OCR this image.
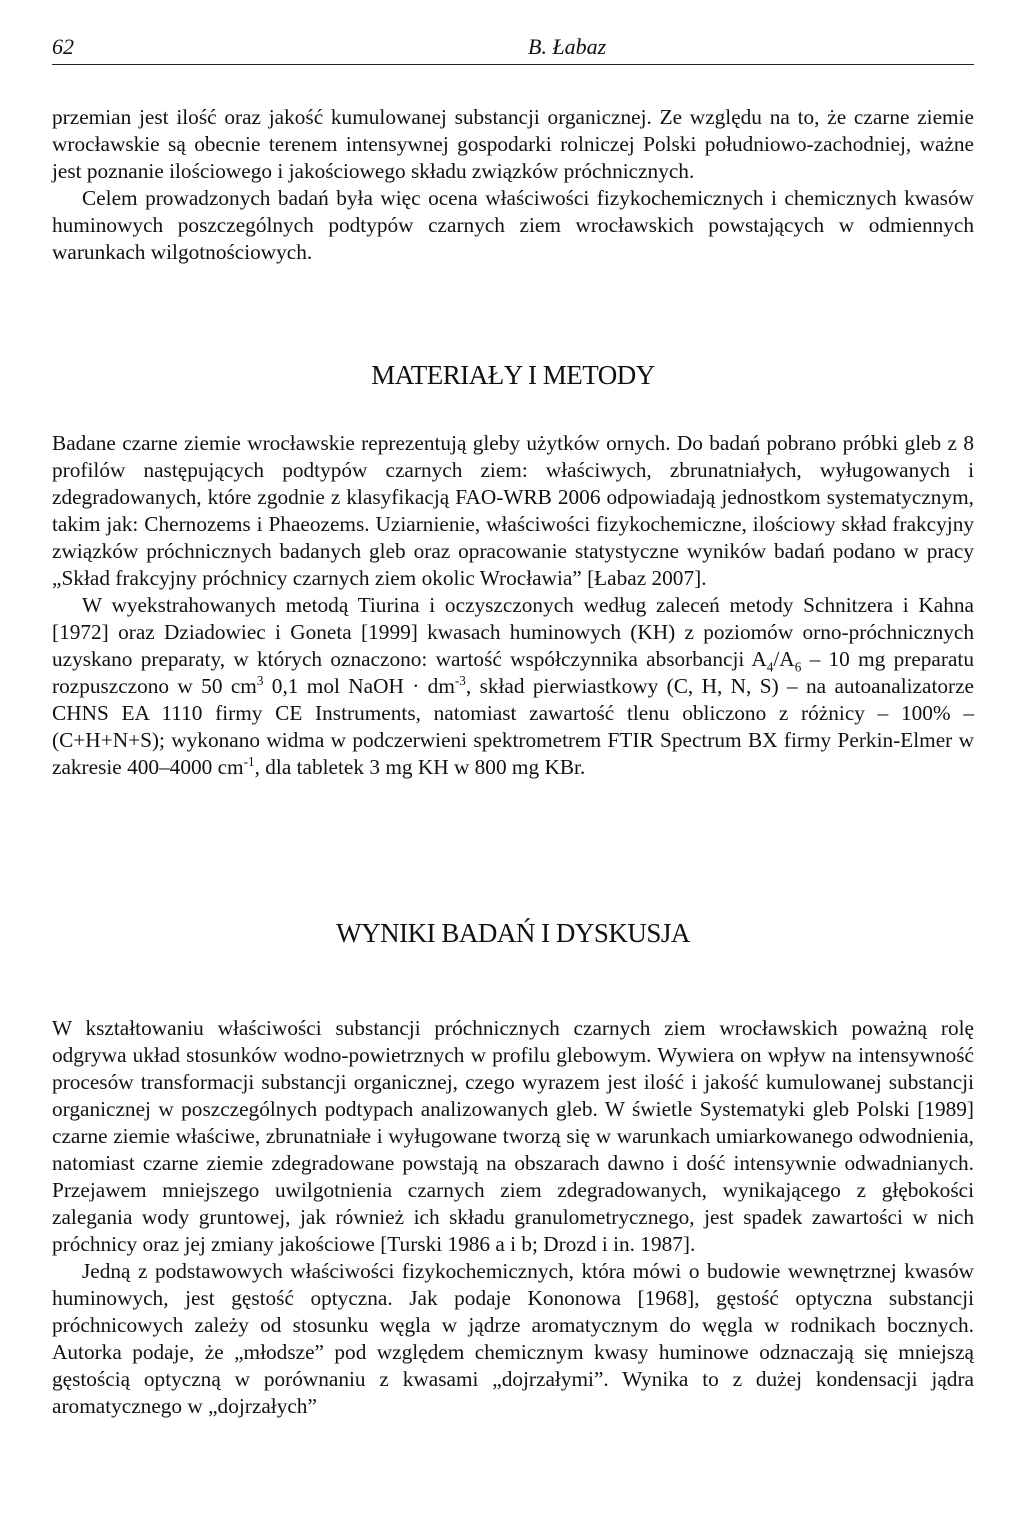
62	B. Łabaz

przemian jest ilość oraz jakość kumulowanej substancji organicznej. Ze względu na to, że czarne ziemie wrocławskie są obecnie terenem intensywnej gospodarki rolniczej Polski południowo-zachodniej, ważne jest poznanie ilościowego i jakościowego składu związków próchnicznych.

Celem prowadzonych badań była więc ocena właściwości fizykochemicznych i chemicznych kwasów huminowych poszczególnych podtypów czarnych ziem wrocławskich powstających w odmiennych warunkach wilgotnościowych.

MATERIAŁY I METODY

Badane czarne ziemie wrocławskie reprezentują gleby użytków ornych. Do badań pobrano próbki gleb z 8 profilów następujących podtypów czarnych ziem: właściwych, zbrunatniałych, wyługowanych i zdegradowanych, które zgodnie z klasyfikacją FAO-WRB 2006 odpowiadają jednostkom systematycznym, takim jak: Chernozems i Phaeozems. Uziarnienie, właściwości fizykochemiczne, ilościowy skład frakcyjny związków próchnicznych badanych gleb oraz opracowanie statystyczne wyników badań podano w pracy „Skład frakcyjny próchnicy czarnych ziem okolic Wrocławia” [Łabaz 2007].

W wyekstrahowanych metodą Tiurina i oczyszczonych według zaleceń metody Schnitzera i Kahna [1972] oraz Dziadowiec i Goneta [1999] kwasach huminowych (KH) z poziomów orno-próchnicznych uzyskano preparaty, w których oznaczono: wartość współczynnika absorbancji $A_4/A_6 - 10$ mg preparatu rozpuszczono w 50 $cm^3$ 0,1 mol NaOH · $dm^{-3}$, skład pierwiastkowy (C, H, N, S) – na autoanalizatorze CHNS EA 1110 firmy CE Instruments, natomiast zawartość tlenu obliczono z różnicy – 100% – (C+H+N+S); wykonano widma w podczerwieni spektrometrem FTIR Spectrum BX firmy Perkin-Elmer w zakresie 400–4000 $cm^{-1}$, dla tabletek 3 mg KH w 800 mg KBr.

WYNIKI BADAŃ I DYSKUSJA

W kształtowaniu właściwości substancji próchnicznych czarnych ziem wrocławskich poważną rolę odgrywa układ stosunków wodno-powietrznych w profilu glebowym. Wywiera on wpływ na intensywność procesów transformacji substancji organicznej, czego wyrazem jest ilość i jakość kumulowanej substancji organicznej w poszczególnych podtypach analizowanych gleb. W świetle Systematyki gleb Polski [1989] czarne ziemie właściwe, zbrunatniałe i wyługowane tworzą się w warunkach umiarkowanego odwodnienia, natomiast czarne ziemie zdegradowane powstają na obszarach dawno i dość intensywnie odwadnianych. Przejawem mniejszego uwilgotnienia czarnych ziem zdegradowanych, wynikającego z głębokości zalegania wody gruntowej, jak również ich składu granulometrycznego, jest spadek zawartości w nich próchnicy oraz jej zmiany jakościowe [Turski 1986 a i b; Drozd i in. 1987].

Jedną z podstawowych właściwości fizykochemicznych, która mówi o budowie wewnętrznej kwasów huminowych, jest gęstość optyczna. Jak podaje Kononowa [1968], gęstość optyczna substancji próchnicowych zależy od stosunku węgla w jądrze aromatycznym do węgla w rodnikach bocznych. Autorka podaje, że „młodsze” pod względem chemicznym kwasy huminowe odznaczają się mniejszą gęstością optyczną w porównaniu z kwasami „dojrzałymi”. Wynika to z dużej kondensacji jądra aromatycznego w „dojrzałych”
